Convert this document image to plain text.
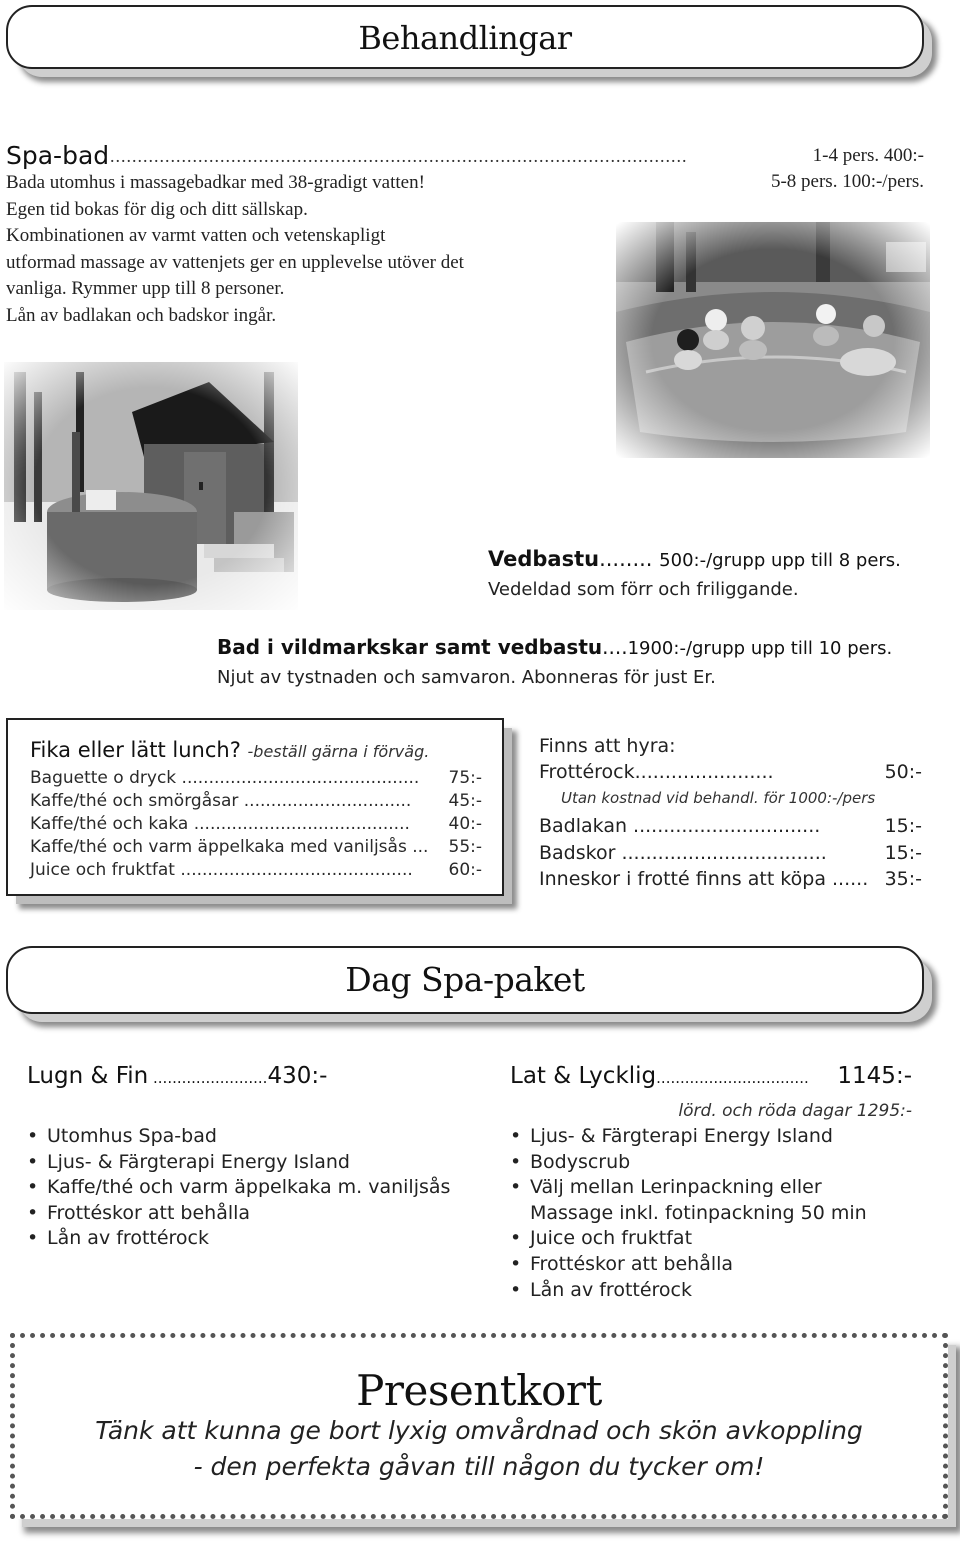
Behandlingar
Spa-bad .........................................................................................................	1-4 pers. 400:-
5-8 pers. 100:-/pers.
Bada utomhus i massagebadkar med 38-gradigt vatten!
Egen tid bokas för dig och ditt sällskap.
Kombinationen av varmt vatten och vetenskapligt
utformad massage av vattenjets ger en upplevelse utöver det
vanliga. Rymmer upp till 8 personer.
Lån av badlakan och badskor ingår.
Vedbastu........ 500:-/grupp upp till 8 pers.
Vedeldad som förr och friliggande.
Bad i vildmarkskar samt vedbastu....1900:-/grupp upp till 10 pers.
Njut av tystnaden och samvaron. Abonneras för just Er.
Fika eller lätt lunch? -beställ gärna i förväg.
Baguette o dryck ............................................ 75:-
Kaffe/thé och smörgåsar ............................... 45:-
Kaffe/thé och kaka ........................................ 40:-
Kaffe/thé och varm äppelkaka med vaniljsås ... 55:-
Juice och fruktfat ........................................... 60:-
Finns att hyra:
Frottérock.......................	50:-
Utan kostnad vid behandl. för 1000:-/pers
Badlakan ...............................	15:-
Badskor ..................................	15:-
Inneskor i frotté finns att köpa ...... 35:-
Dag Spa-paket
Lugn & Fin ........................430:-
• Utomhus Spa-bad
• Ljus- & Färgterapi Energy Island
• Kaffe/thé och varm äppelkaka m. vaniljsås
• Frottéskor att behålla
• Lån av frottérock
Lat & Lycklig................................ 1145:-
lörd. och röda dagar 1295:-
• Ljus- & Färgterapi Energy Island
• Bodyscrub
• Välj mellan Lerinpackning eller
Massage inkl. fotinpackning 50 min
• Juice och fruktfat
• Frottéskor att behålla
• Lån av frottérock
Presentkort
Tänk att kunna ge bort lyxig omvårdnad och skön avkoppling
- den perfekta gåvan till någon du tycker om!
